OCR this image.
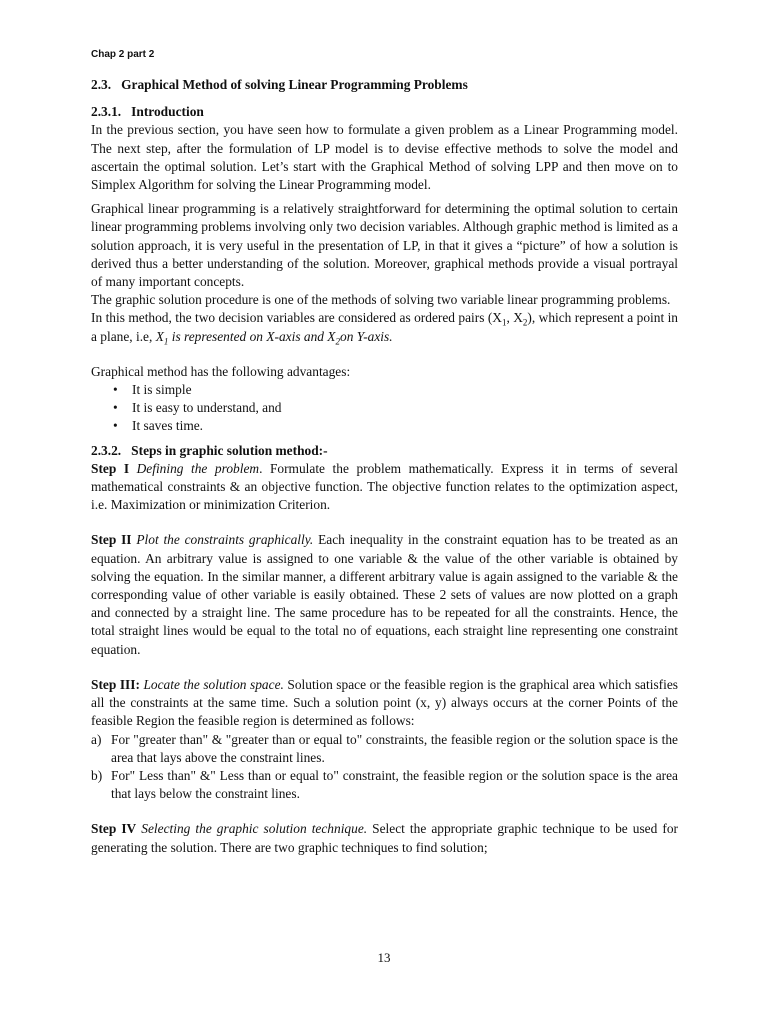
Chap 2 part 2

2.3.   Graphical Method of solving Linear Programming Problems

2.3.1.   Introduction

In the previous section, you have seen how to formulate a given problem as a Linear Programming model. The next step, after the formulation of LP model is to devise effective methods to solve the model and ascertain the optimal solution. Let’s start with the Graphical Method of solving LPP and then move on to Simplex Algorithm for solving the Linear Programming model.

Graphical linear programming is a relatively straightforward for determining the optimal solution to certain linear programming problems involving only two decision variables. Although graphic method is limited as a solution approach, it is very useful in the presentation of LP, in that it gives a “picture” of how a solution is derived thus a better understanding of the solution. Moreover, graphical methods provide a visual portrayal of many important concepts.

The graphic solution procedure is one of the methods of solving two variable linear programming problems.

In this method, the two decision variables are considered as ordered pairs ($X_1$, $X_2$), which represent a point in a plane, i.e, $X_1$ is represented on X-axis and $X_2on$ Y-axis.

Graphical method has the following advantages:

• It is simple
• It is easy to understand, and
• It saves time.

2.3.2.   Steps in graphic solution method:-

Step I Defining the problem. Formulate the problem mathematically. Express it in terms of several mathematical constraints & an objective function. The objective function relates to the optimization aspect, i.e. Maximization or minimization Criterion.

Step II Plot the constraints graphically. Each inequality in the constraint equation has to be treated as an equation. An arbitrary value is assigned to one variable & the value of the other variable is obtained by solving the equation. In the similar manner, a different arbitrary value is again assigned to the variable & the corresponding value of other variable is easily obtained. These 2 sets of values are now plotted on a graph and connected by a straight line. The same procedure has to be repeated for all the constraints. Hence, the total straight lines would be equal to the total no of equations, each straight line representing one constraint equation.

Step III: Locate the solution space. Solution space or the feasible region is the graphical area which satisfies all the constraints at the same time. Such a solution point (x, y) always occurs at the corner Points of the feasible Region the feasible region is determined as follows:

a) For "greater than" & "greater than or equal to" constraints, the feasible region or the solution space is the area that lays above the constraint lines.
b) For" Less than" &" Less than or equal to" constraint, the feasible region or the solution space is the area that lays below the constraint lines.

Step IV Selecting the graphic solution technique. Select the appropriate graphic technique to be used for generating the solution. There are two graphic techniques to find solution;

13
